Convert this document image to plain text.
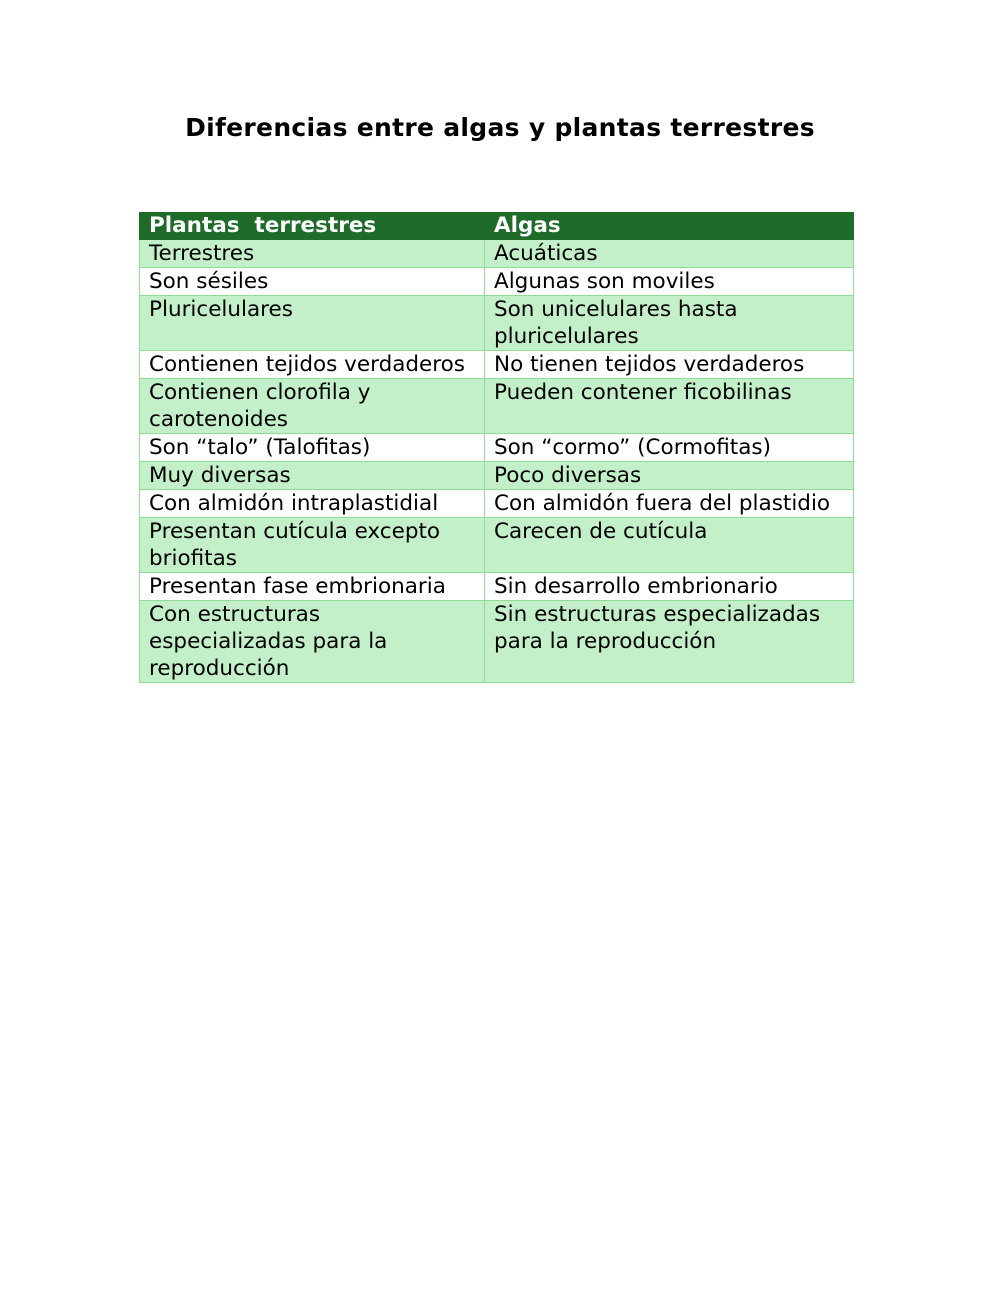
Diferencias entre algas y plantas terrestres
Plantas  terrestres	Algas
Terrestres	Acuáticas
Son sésiles	Algunas son moviles
Pluricelulares	Son unicelulares hasta pluricelulares
Contienen tejidos verdaderos	No tienen tejidos verdaderos
Contienen clorofila y carotenoides	Pueden contener ficobilinas
Son “talo” (Talofitas)	Son “cormo” (Cormofitas)
Muy diversas	Poco diversas
Con almidón intraplastidial	Con almidón fuera del plastidio
Presentan cutícula excepto briofitas	Carecen de cutícula
Presentan fase embrionaria	Sin desarrollo embrionario
Con estructuras especializadas para la reproducción	Sin estructuras especializadas para la reproducción
